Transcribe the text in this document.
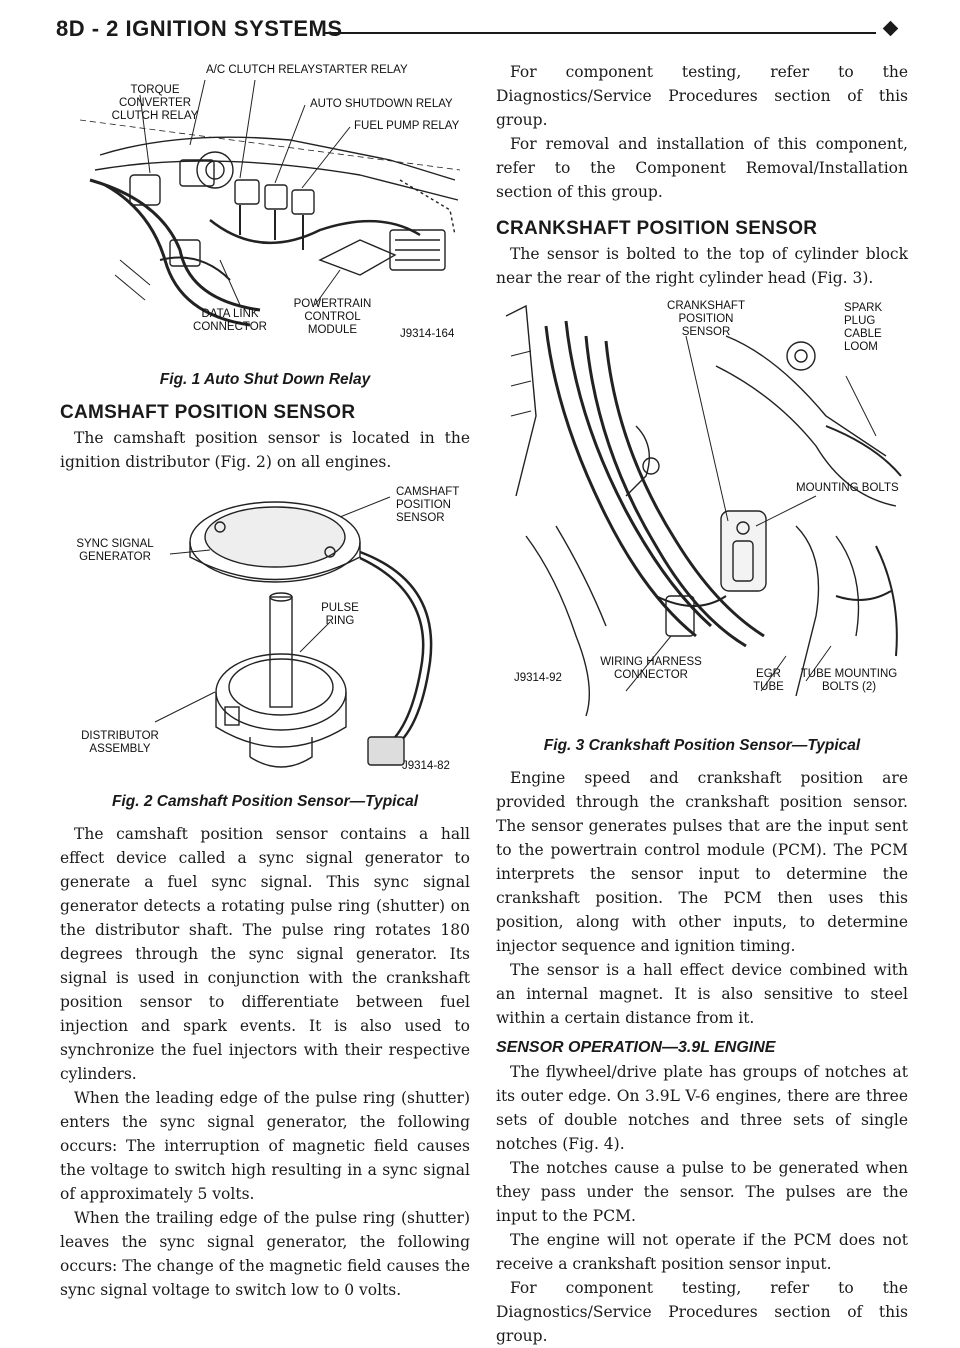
8D - 2 IGNITION SYSTEMS
A/C CLUTCH RELAY STARTER RELAY
TORQUE CONVERTER CLUTCH RELAY
AUTO SHUTDOWN RELAY
FUEL PUMP RELAY
DATA LINK CONNECTOR
POWERTRAIN CONTROL MODULE	J9314-164
Fig. 1 Auto Shut Down Relay
CAMSHAFT POSITION SENSOR

The camshaft position sensor is located in the ignition distributor (Fig. 2) on all engines.

CAMSHAFT POSITION SENSOR
SYNC SIGNAL GENERATOR
PULSE RING
DISTRIBUTOR ASSEMBLY
J9314-82
Fig. 2 Camshaft Position Sensor—Typical

The camshaft position sensor contains a hall effect device called a sync signal generator to generate a fuel sync signal. This sync signal generator detects a rotating pulse ring (shutter) on the distributor shaft. The pulse ring rotates 180 degrees through the sync signal generator. Its signal is used in conjunction with the crankshaft position sensor to differentiate between fuel injection and spark events. It is also used to synchronize the fuel injectors with their respective cylinders.

When the leading edge of the pulse ring (shutter) enters the sync signal generator, the following occurs: The interruption of magnetic field causes the voltage to switch high resulting in a sync signal of approximately 5 volts.

When the trailing edge of the pulse ring (shutter) leaves the sync signal generator, the following occurs: The change of the magnetic field causes the sync signal voltage to switch low to 0 volts.

For component testing, refer to the Diagnostics/Service Procedures section of this group.

For removal and installation of this component, refer to the Component Removal/Installation section of this group.

CRANKSHAFT POSITION SENSOR

The sensor is bolted to the top of cylinder block near the rear of the right cylinder head (Fig. 3).

CRANKSHAFT POSITION SENSOR
SPARK PLUG CABLE LOOM
MOUNTING BOLTS
WIRING HARNESS CONNECTOR	EGR TUBE
TUBE MOUNTING BOLTS (2)
J9314-92
Fig. 3 Crankshaft Position Sensor—Typical

Engine speed and crankshaft position are provided through the crankshaft position sensor. The sensor generates pulses that are the input sent to the powertrain control module (PCM). The PCM interprets the sensor input to determine the crankshaft position. The PCM then uses this position, along with other inputs, to determine injector sequence and ignition timing.

The sensor is a hall effect device combined with an internal magnet. It is also sensitive to steel within a certain distance from it.

SENSOR OPERATION—3.9L ENGINE

The flywheel/drive plate has groups of notches at its outer edge. On 3.9L V-6 engines, there are three sets of double notches and three sets of single notches (Fig. 4).

The notches cause a pulse to be generated when they pass under the sensor. The pulses are the input to the PCM.

The engine will not operate if the PCM does not receive a crankshaft position sensor input.

For component testing, refer to the Diagnostics/Service Procedures section of this group.
